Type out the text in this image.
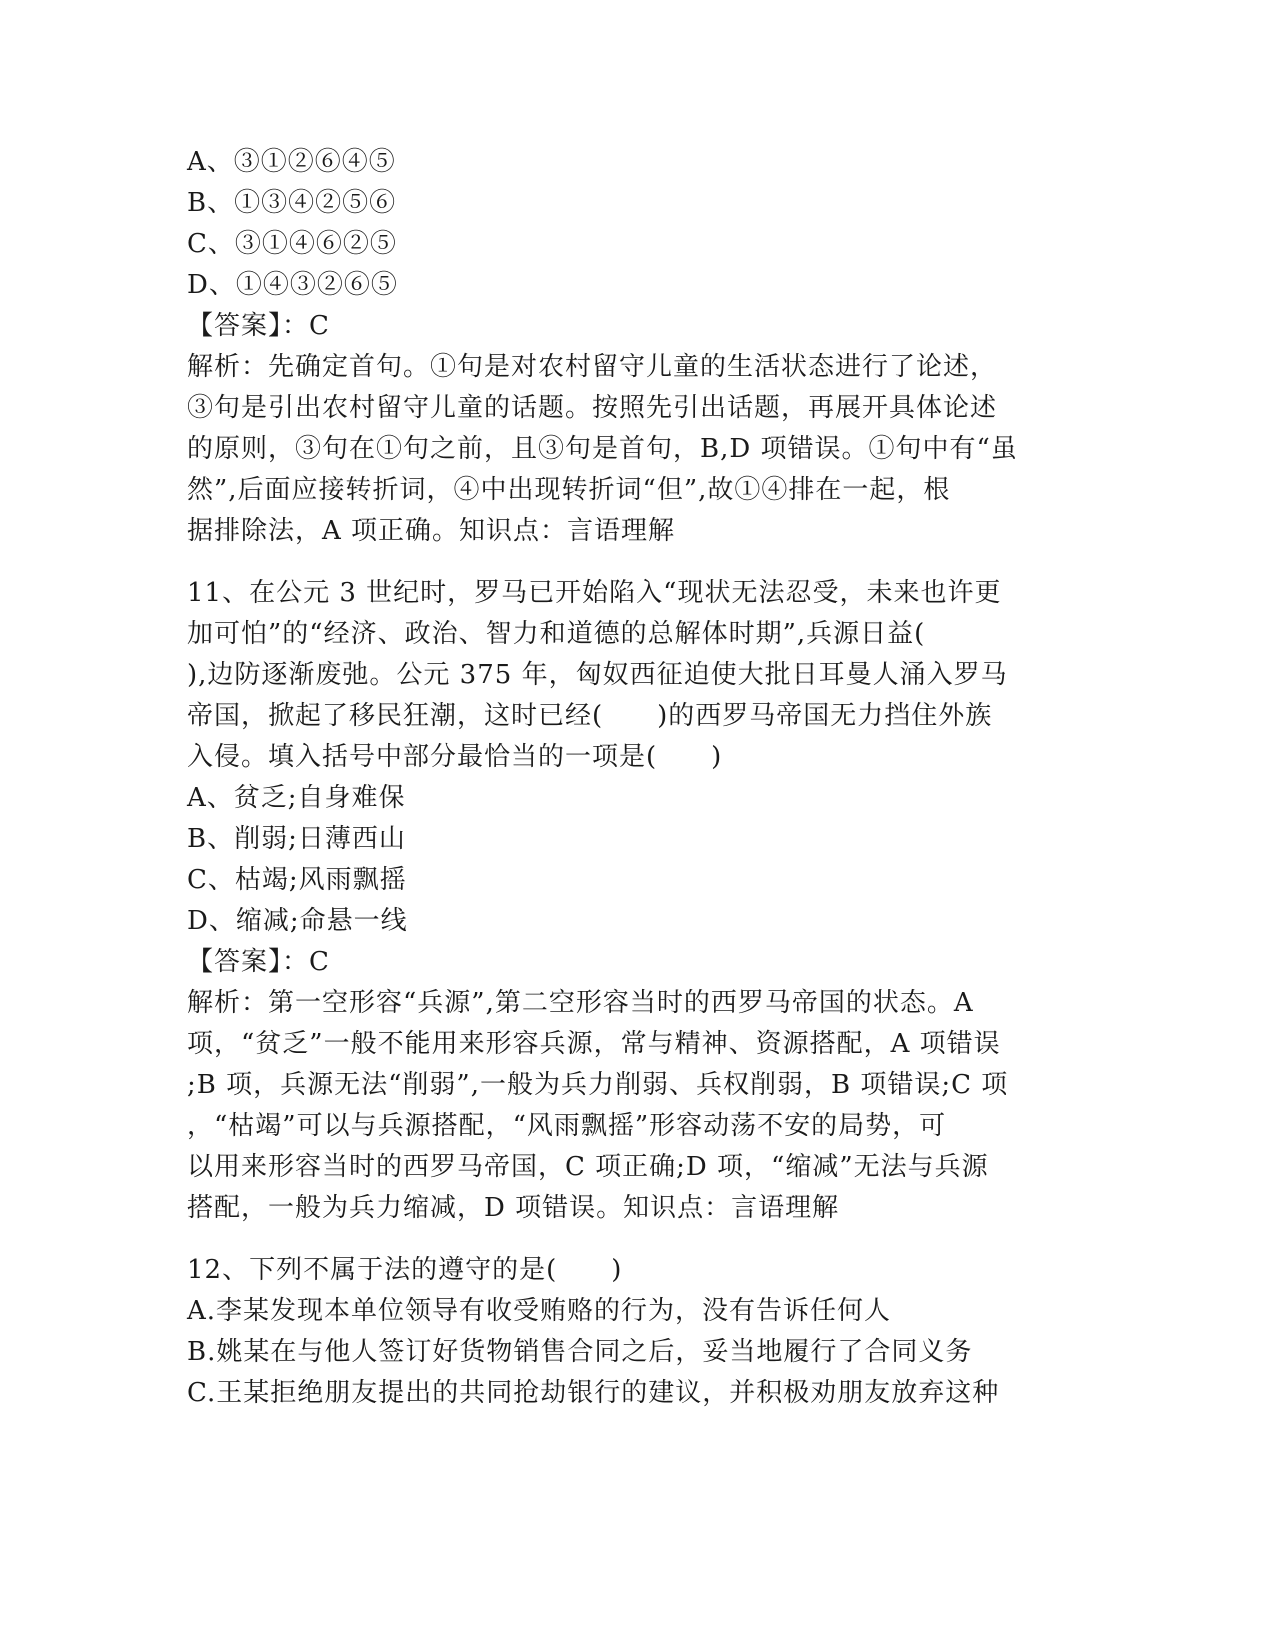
A、③①②⑥④⑤
B、①③④②⑤⑥
C、③①④⑥②⑤
D、①④③②⑥⑤
【答案】：C
解析：先确定首句。①句是对农村留守儿童的生活状态进行了论述，
③句是引出农村留守儿童的话题。按照先引出话题，再展开具体论述
的原则，③句在①句之前，且③句是首句，B,D 项错误。①句中有“虽
然”,后面应接转折词，④中出现转折词“但”,故①④排在一起，根
据排除法，A 项正确。知识点：言语理解
11、在公元 3 世纪时，罗马已开始陷入“现状无法忍受，未来也许更
加可怕”的“经济、政治、智力和道德的总解体时期”,兵源日益(
),边防逐渐废弛。公元 375 年，匈奴西征迫使大批日耳曼人涌入罗马
帝国，掀起了移民狂潮，这时已经(　　)的西罗马帝国无力挡住外族
入侵。填入括号中部分最恰当的一项是(　　)
A、贫乏;自身难保
B、削弱;日薄西山
C、枯竭;风雨飘摇
D、缩减;命悬一线
【答案】：C
解析：第一空形容“兵源”,第二空形容当时的西罗马帝国的状态。A
项，“贫乏”一般不能用来形容兵源，常与精神、资源搭配，A 项错误
;B 项，兵源无法“削弱”,一般为兵力削弱、兵权削弱，B 项错误;C 项
，“枯竭”可以与兵源搭配，“风雨飘摇”形容动荡不安的局势，可
以用来形容当时的西罗马帝国，C 项正确;D 项，“缩减”无法与兵源
搭配，一般为兵力缩减，D 项错误。知识点：言语理解
12、下列不属于法的遵守的是(　　)
A.李某发现本单位领导有收受贿赂的行为，没有告诉任何人
B.姚某在与他人签订好货物销售合同之后，妥当地履行了合同义务
C.王某拒绝朋友提出的共同抢劫银行的建议，并积极劝朋友放弃这种
